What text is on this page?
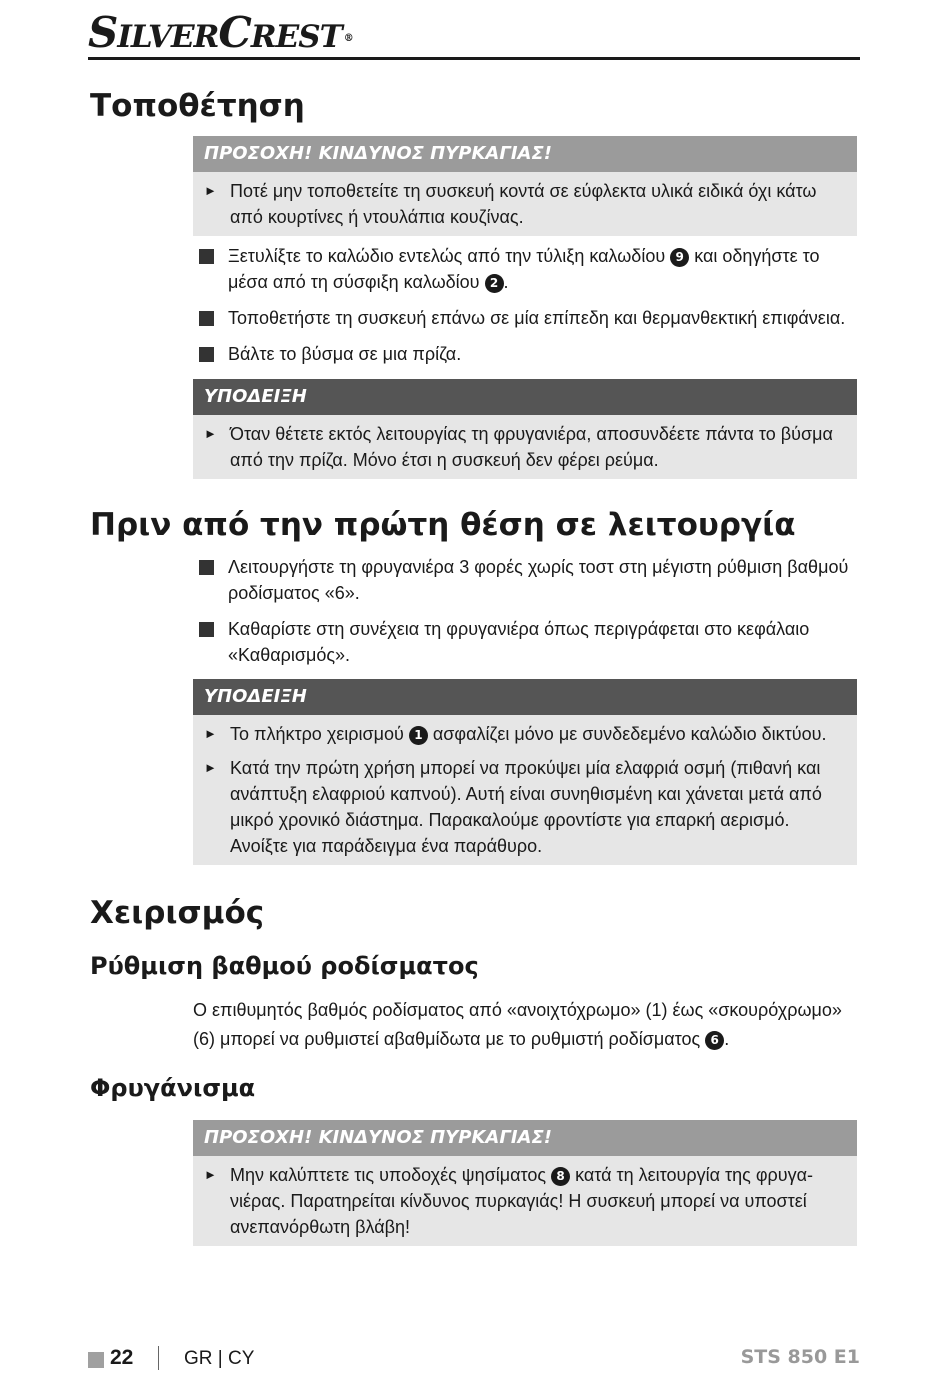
SILVERCREST ®
Τοποθέτηση
ΠΡΟΣΟΧΗ! ΚΙΝΔΥΝΟΣ ΠΥΡΚΑΓΙΑΣ!
► Ποτέ μην τοποθετείτε τη συσκευή κοντά σε εύφλεκτα υλικά ειδικά όχι κάτω από κουρτίνες ή ντουλάπια κουζίνας.
Ξετυλίξτε το καλώδιο εντελώς από την τύλιξη καλωδίου 9 και οδηγήστε το μέσα από τη σύσφιξη καλωδίου 2 .
Τοποθετήστε τη συσκευή επάνω σε μία επίπεδη και θερμανθεκτική επιφάνεια.
Βάλτε το βύσμα σε μια πρίζα.
ΥΠΟΔΕΙΞΗ
► Όταν θέτετε εκτός λειτουργίας τη φρυγανιέρα, αποσυνδέετε πάντα το βύσμα από την πρίζα. Μόνο έτσι η συσκευή δεν φέρει ρεύμα.
Πριν από την πρώτη θέση σε λειτουργία
Λειτουργήστε τη φρυγανιέρα 3 φορές χωρίς τοστ στη μέγιστη ρύθμιση βαθμού ροδίσματος «6».
Καθαρίστε στη συνέχεια τη φρυγανιέρα όπως περιγράφεται στο κεφάλαιο «Καθαρισμός».
ΥΠΟΔΕΙΞΗ
► Το πλήκτρο χειρισμού 1 ασφαλίζει μόνο με συνδεδεμένο καλώδιο δικτύου.
► Κατά την πρώτη χρήση μπορεί να προκύψει μία ελαφριά οσμή (πιθανή και ανάπτυξη ελαφριού καπνού). Αυτή είναι συνηθισμένη και χάνεται μετά από μικρό χρονικό διάστημα. Παρακαλούμε φροντίστε για επαρκή αερισμό. Ανοίξτε για παράδειγμα ένα παράθυρο.
Χειρισμός
Ρύθμιση βαθμού ροδίσματος
Ο επιθυμητός βαθμός ροδίσματος από «ανοιχτόχρωμο» (1) έως «σκουρόχρωμο» (6) μπορεί να ρυθμιστεί αβαθμίδωτα με το ρυθμιστή ροδίσματος 6 .
Φρυγάνισμα
ΠΡΟΣΟΧΗ! ΚΙΝΔΥΝΟΣ ΠΥΡΚΑΓΙΑΣ!
► Μην καλύπτετε τις υποδοχές ψησίματος 8 κατά τη λειτουργία της φρυγα-νιέρας. Παρατηρείται κίνδυνος πυρκαγιάς! Η συσκευή μπορεί να υποστεί ανεπανόρθωτη βλάβη!
22	GR | CY	STS 850 E1
